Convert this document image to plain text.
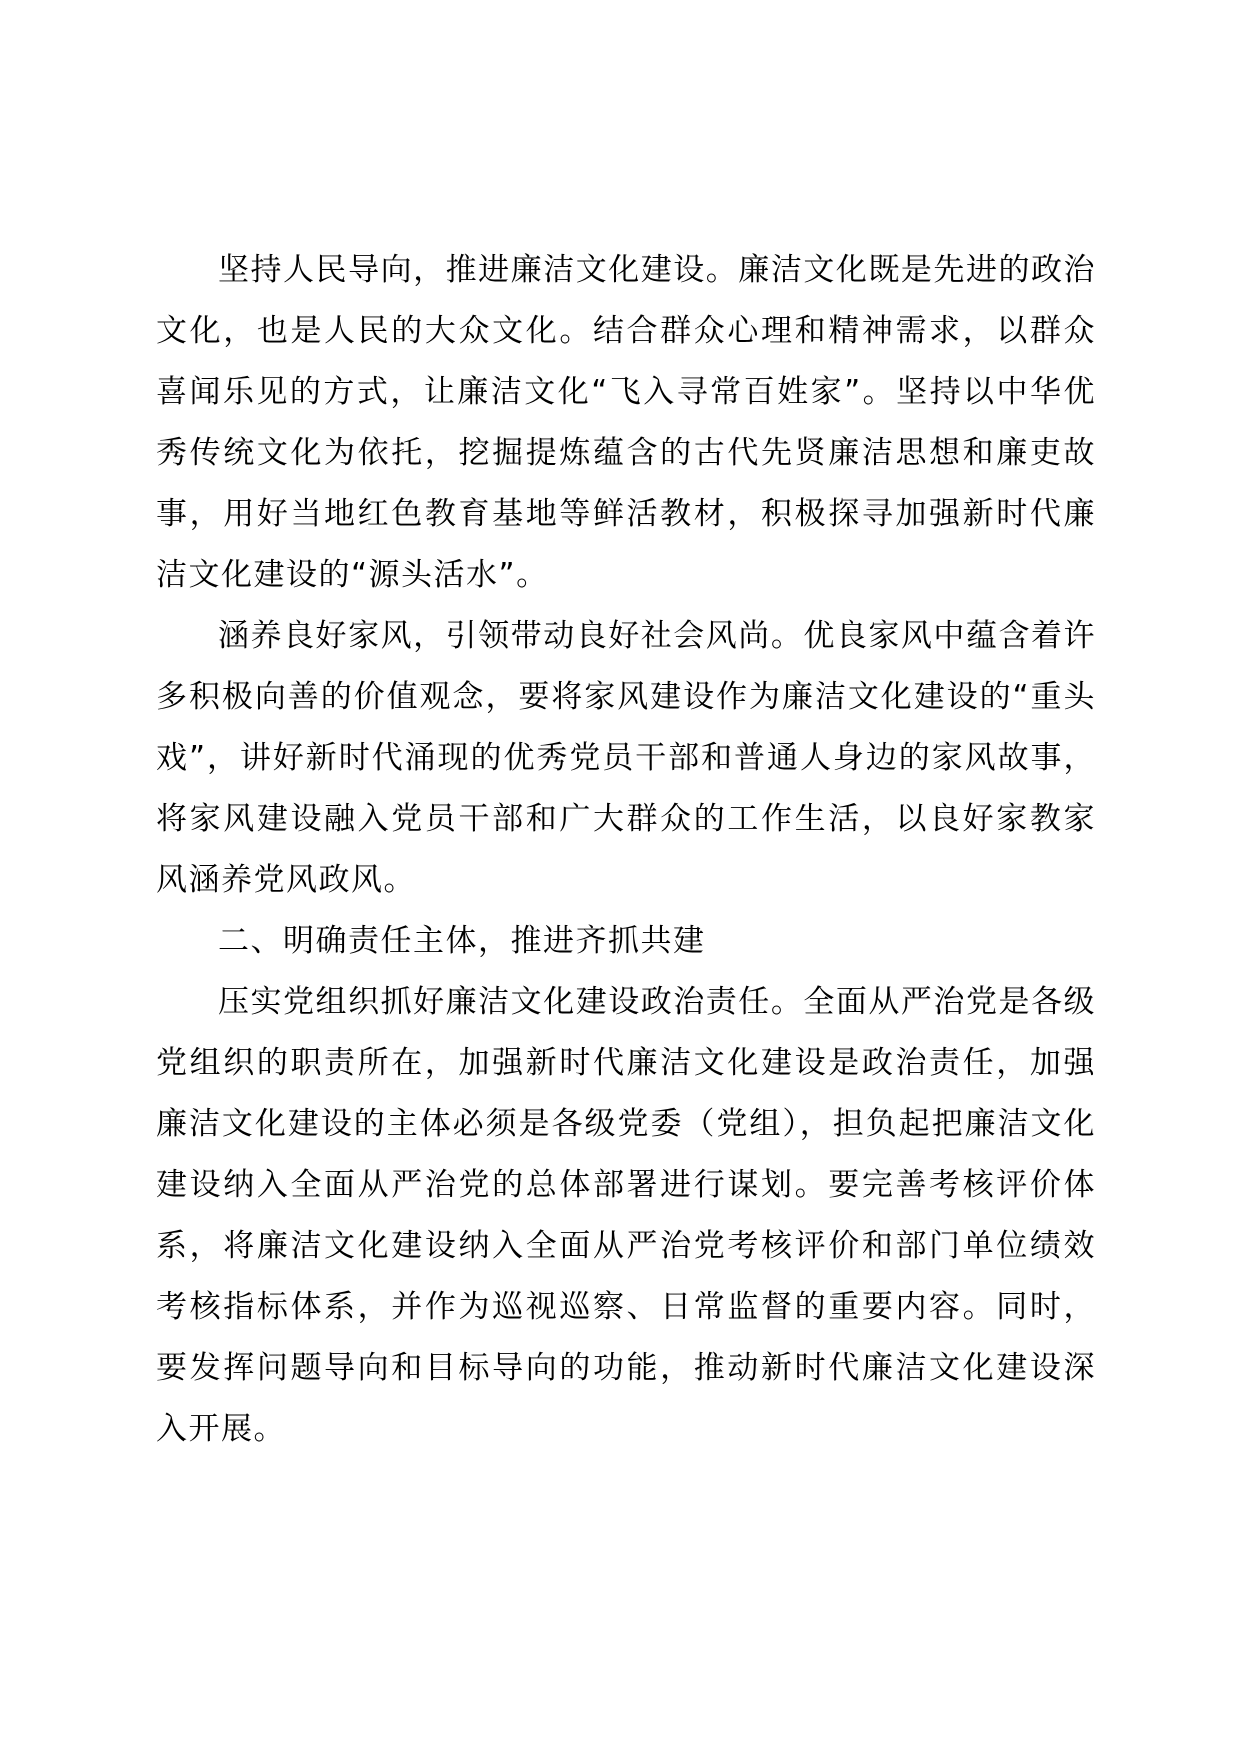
坚持人民导向，推进廉洁文化建设。廉洁文化既是先进的政治文化，也是人民的大众文化。结合群众心理和精神需求，以群众喜闻乐见的方式，让廉洁文化“飞入寻常百姓家”。坚持以中华优秀传统文化为依托，挖掘提炼蕴含的古代先贤廉洁思想和廉吏故事，用好当地红色教育基地等鲜活教材，积极探寻加强新时代廉洁文化建设的“源头活水”。

涵养良好家风，引领带动良好社会风尚。优良家风中蕴含着许多积极向善的价值观念，要将家风建设作为廉洁文化建设的“重头戏”，讲好新时代涌现的优秀党员干部和普通人身边的家风故事，将家风建设融入党员干部和广大群众的工作生活，以良好家教家风涵养党风政风。

二、明确责任主体，推进齐抓共建

压实党组织抓好廉洁文化建设政治责任。全面从严治党是各级党组织的职责所在，加强新时代廉洁文化建设是政治责任，加强廉洁文化建设的主体必须是各级党委（党组），担负起把廉洁文化建设纳入全面从严治党的总体部署进行谋划。要完善考核评价体系，将廉洁文化建设纳入全面从严治党考核评价和部门单位绩效考核指标体系，并作为巡视巡察、日常监督的重要内容。同时，要发挥问题导向和目标导向的功能，推动新时代廉洁文化建设深入开展。
